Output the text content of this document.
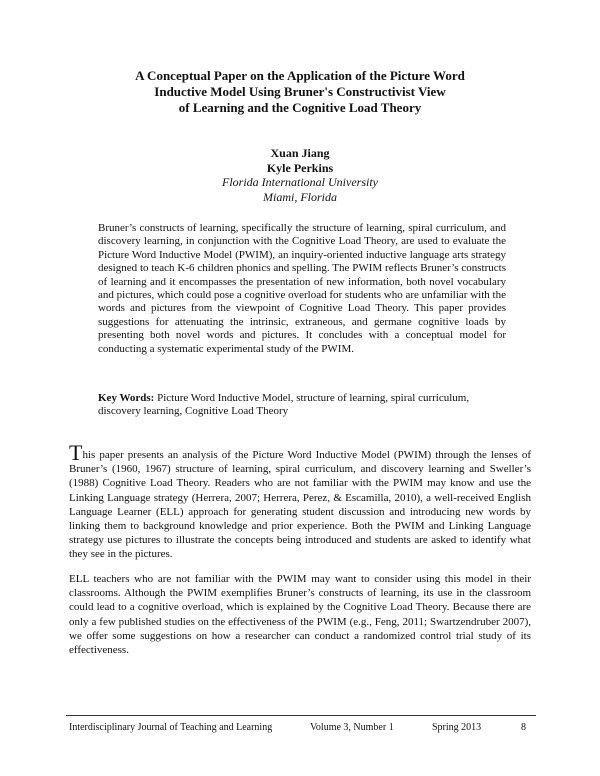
A Conceptual Paper on the Application of the Picture Word
Inductive Model Using Bruner's Constructivist View
of Learning and the Cognitive Load Theory
Xuan Jiang
Kyle Perkins
Florida International University
Miami, Florida

Bruner’s constructs of learning, specifically the structure of learning, spiral curriculum, and discovery learning, in conjunction with the Cognitive Load Theory, are used to evaluate the Picture Word Inductive Model (PWIM), an inquiry-oriented inductive language arts strategy designed to teach K-6 children phonics and spelling. The PWIM reflects Bruner’s constructs of learning and it encompasses the presentation of new information, both novel vocabulary and pictures, which could pose a cognitive overload for students who are unfamiliar with the words and pictures from the viewpoint of Cognitive Load Theory. This paper provides suggestions for attenuating the intrinsic, extraneous, and germane cognitive loads by presenting both novel words and pictures. It concludes with a conceptual model for conducting a systematic experimental study of the PWIM.

Key Words: Picture Word Inductive Model, structure of learning, spiral curriculum, discovery learning, Cognitive Load Theory

This paper presents an analysis of the Picture Word Inductive Model (PWIM) through the lenses of Bruner’s (1960, 1967) structure of learning, spiral curriculum, and discovery learning and Sweller’s (1988) Cognitive Load Theory. Readers who are not familiar with the PWIM may know and use the Linking Language strategy (Herrera, 2007; Herrera, Perez, & Escamilla, 2010), a well-received English Language Learner (ELL) approach for generating student discussion and introducing new words by linking them to background knowledge and prior experience. Both the PWIM and Linking Language strategy use pictures to illustrate the concepts being introduced and students are asked to identify what they see in the pictures.

ELL teachers who are not familiar with the PWIM may want to consider using this model in their classrooms. Although the PWIM exemplifies Bruner’s constructs of learning, its use in the classroom could lead to a cognitive overload, which is explained by the Cognitive Load Theory. Because there are only a few published studies on the effectiveness of the PWIM (e.g., Feng, 2011; Swartzendruber 2007), we offer some suggestions on how a researcher can conduct a randomized control trial study of its effectiveness.

Interdisciplinary Journal of Teaching and Learning	Volume 3, Number 1	Spring 2013	8
